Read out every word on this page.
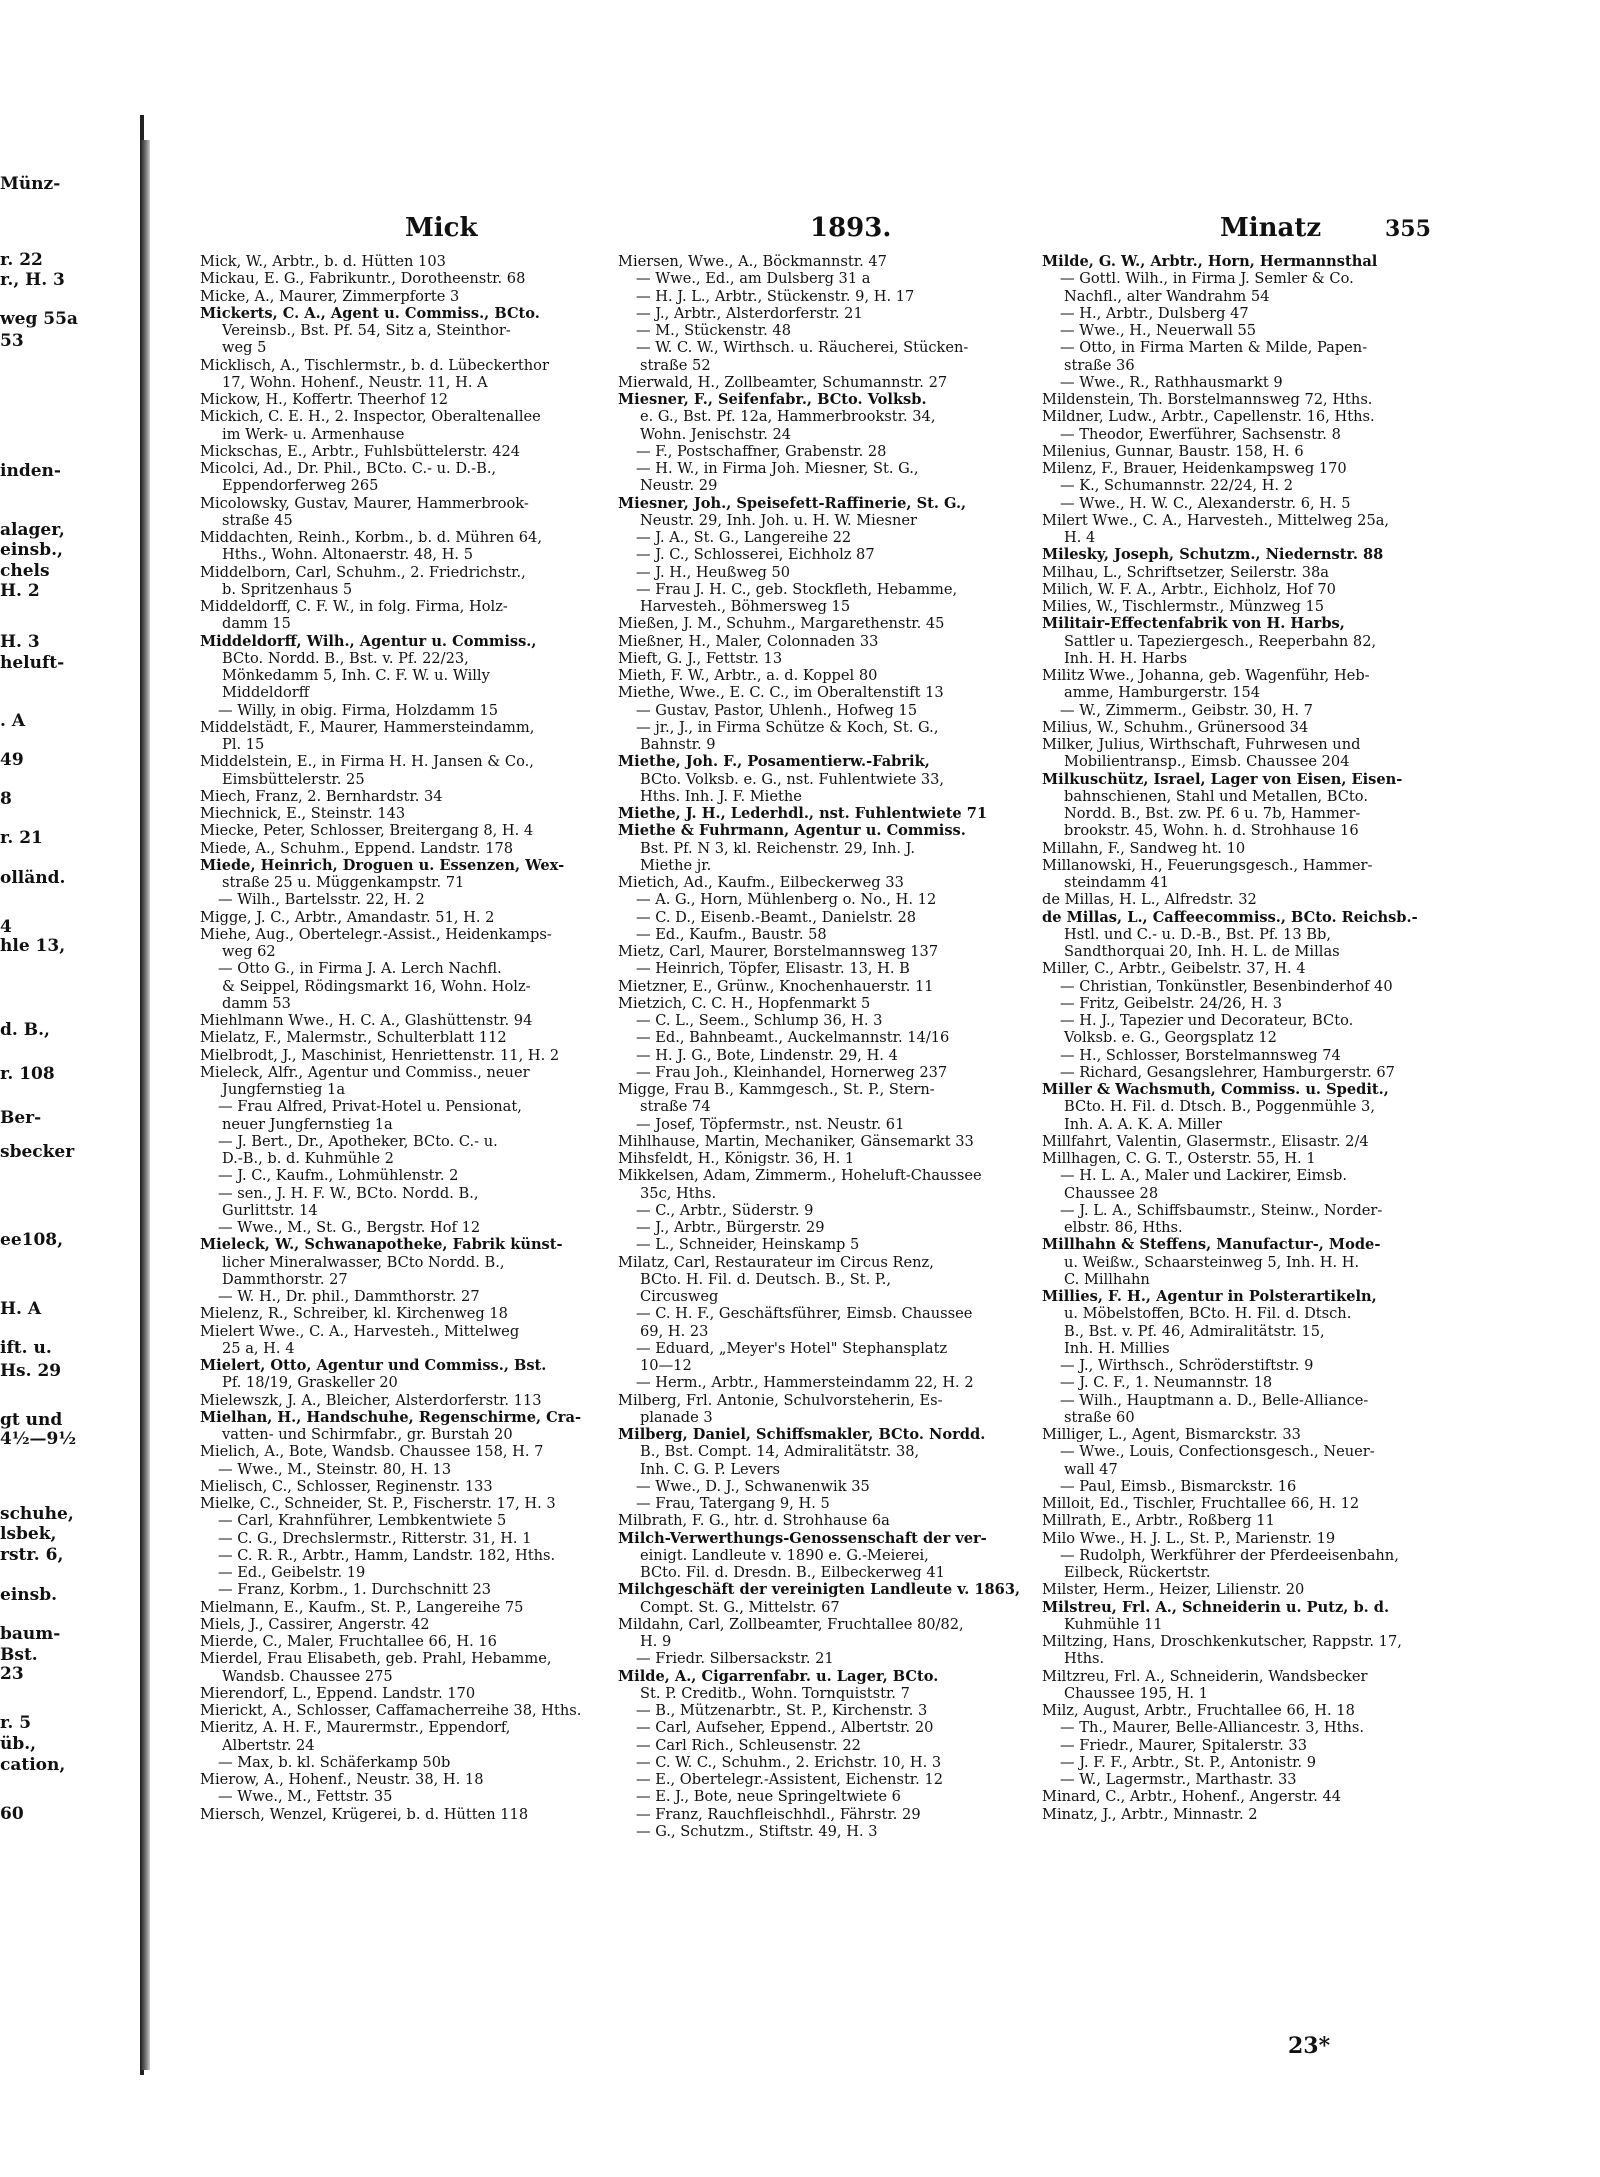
Münz-
r. 22
r., H. 3
weg 55a
53
inden-
alager,
einsb.,
chels
H. 2
H. 3
heluft-
. A
49
8
r. 21
olländ.
4
hle 13,
d. B.,
r. 108
Ber-
sbecker
ee108,
H. A
ift. u.
Hs. 29
gt und
4½—9½
schuhe,
lsbek,
rstr. 6,
einsb.
baum-
Bst.
23
r. 5
üb.,
cation,
60
Mick	1893.	Minatz	355

Mick, W., Arbtr., b. d. Hütten 103

Mickau, E. G., Fabrikuntr., Dorotheenstr. 68

Micke, A., Maurer, Zimmerpforte 3

Mickerts, C. A., Agent u. Commiss., BCto.

Vereinsb., Bst. Pf. 54, Sitz a, Steinthor-

weg 5

Micklisch, A., Tischlermstr., b. d. Lübeckerthor

17, Wohn. Hohenf., Neustr. 11, H. A

Mickow, H., Koffertr. Theerhof 12

Mickich, C. E. H., 2. Inspector, Oberaltenallee

im Werk- u. Armenhause

Mickschas, E., Arbtr., Fuhlsbüttelerstr. 424

Micolci, Ad., Dr. Phil., BCto. C.- u. D.-B.,

Eppendorferweg 265

Micolowsky, Gustav, Maurer, Hammerbrook-

straße 45

Middachten, Reinh., Korbm., b. d. Mühren 64,

Hths., Wohn. Altonaerstr. 48, H. 5

Middelborn, Carl, Schuhm., 2. Friedrichstr.,

b. Spritzenhaus 5

Middeldorff, C. F. W., in folg. Firma, Holz-

damm 15

Middeldorff, Wilh., Agentur u. Commiss.,

BCto. Nordd. B., Bst. v. Pf. 22/23,

Mönkedamm 5, Inh. C. F. W. u. Willy

Middeldorff

— Willy, in obig. Firma, Holzdamm 15

Middelstädt, F., Maurer, Hammersteindamm,

Pl. 15

Middelstein, E., in Firma H. H. Jansen & Co.,

Eimsbüttelerstr. 25

Miech, Franz, 2. Bernhardstr. 34

Miechnick, E., Steinstr. 143

Miecke, Peter, Schlosser, Breitergang 8, H. 4

Miede, A., Schuhm., Eppend. Landstr. 178

Miede, Heinrich, Droguen u. Essenzen, Wex-

straße 25 u. Müggenkampstr. 71

— Wilh., Bartelsstr. 22, H. 2

Migge, J. C., Arbtr., Amandastr. 51, H. 2

Miehe, Aug., Obertelegr.-Assist., Heidenkamps-

weg 62

— Otto G., in Firma J. A. Lerch Nachfl.

& Seippel, Rödingsmarkt 16, Wohn. Holz-

damm 53

Miehlmann Wwe., H. C. A., Glashüttenstr. 94

Mielatz, F., Malermstr., Schulterblatt 112

Mielbrodt, J., Maschinist, Henriettenstr. 11, H. 2

Mieleck, Alfr., Agentur und Commiss., neuer

Jungfernstieg 1a

— Frau Alfred, Privat-Hotel u. Pensionat,

neuer Jungfernstieg 1a

— J. Bert., Dr., Apotheker, BCto. C.- u.

D.-B., b. d. Kuhmühle 2

— J. C., Kaufm., Lohmühlenstr. 2

— sen., J. H. F. W., BCto. Nordd. B.,

Gurlittstr. 14

— Wwe., M., St. G., Bergstr. Hof 12

Mieleck, W., Schwanapotheke, Fabrik künst-

licher Mineralwasser, BCto Nordd. B.,

Dammthorstr. 27

— W. H., Dr. phil., Dammthorstr. 27

Mielenz, R., Schreiber, kl. Kirchenweg 18

Mielert Wwe., C. A., Harvesteh., Mittelweg

25 a, H. 4

Mielert, Otto, Agentur und Commiss., Bst.

Pf. 18/19, Graskeller 20

Mielewszk, J. A., Bleicher, Alsterdorferstr. 113

Mielhan, H., Handschuhe, Regenschirme, Cra-

vatten- und Schirmfabr., gr. Burstah 20

Mielich, A., Bote, Wandsb. Chaussee 158, H. 7

— Wwe., M., Steinstr. 80, H. 13

Mielisch, C., Schlosser, Reginenstr. 133

Mielke, C., Schneider, St. P., Fischerstr. 17, H. 3

— Carl, Krahnführer, Lembkentwiete 5

— C. G., Drechslermstr., Ritterstr. 31, H. 1

— C. R. R., Arbtr., Hamm, Landstr. 182, Hths.

— Ed., Geibelstr. 19

— Franz, Korbm., 1. Durchschnitt 23

Mielmann, E., Kaufm., St. P., Langereihe 75

Miels, J., Cassirer, Angerstr. 42

Mierde, C., Maler, Fruchtallee 66, H. 16

Mierdel, Frau Elisabeth, geb. Prahl, Hebamme,

Wandsb. Chaussee 275

Mierendorf, L., Eppend. Landstr. 170

Mierickt, A., Schlosser, Caffamacherreihe 38, Hths.

Mieritz, A. H. F., Maurermstr., Eppendorf,

Albertstr. 24

— Max, b. kl. Schäferkamp 50b

Mierow, A., Hohenf., Neustr. 38, H. 18

— Wwe., M., Fettstr. 35

Miersch, Wenzel, Krügerei, b. d. Hütten 118

Miersen, Wwe., A., Böckmannstr. 47

— Wwe., Ed., am Dulsberg 31 a

— H. J. L., Arbtr., Stückenstr. 9, H. 17

— J., Arbtr., Alsterdorferstr. 21

— M., Stückenstr. 48

— W. C. W., Wirthsch. u. Räucherei, Stücken-

straße 52

Mierwald, H., Zollbeamter, Schumannstr. 27

Miesner, F., Seifenfabr., BCto. Volksb.

e. G., Bst. Pf. 12a, Hammerbrookstr. 34,

Wohn. Jenischstr. 24

— F., Postschaffner, Grabenstr. 28

— H. W., in Firma Joh. Miesner, St. G.,

Neustr. 29

Miesner, Joh., Speisefett-Raffinerie, St. G.,

Neustr. 29, Inh. Joh. u. H. W. Miesner

— J. A., St. G., Langereihe 22

— J. C., Schlosserei, Eichholz 87

— J. H., Heußweg 50

— Frau J. H. C., geb. Stockfleth, Hebamme,

Harvesteh., Böhmersweg 15

Mießen, J. M., Schuhm., Margarethenstr. 45

Mießner, H., Maler, Colonnaden 33

Mieft, G. J., Fettstr. 13

Mieth, F. W., Arbtr., a. d. Koppel 80

Miethe, Wwe., E. C. C., im Oberaltenstift 13

— Gustav, Pastor, Uhlenh., Hofweg 15

— jr., J., in Firma Schütze & Koch, St. G.,

Bahnstr. 9

Miethe, Joh. F., Posamentierw.-Fabrik,

BCto. Volksb. e. G., nst. Fuhlentwiete 33,

Hths. Inh. J. F. Miethe

Miethe, J. H., Lederhdl., nst. Fuhlentwiete 71

Miethe & Fuhrmann, Agentur u. Commiss.

Bst. Pf. N 3, kl. Reichenstr. 29, Inh. J.

Miethe jr.

Mietich, Ad., Kaufm., Eilbeckerweg 33

— A. G., Horn, Mühlenberg o. No., H. 12

— C. D., Eisenb.-Beamt., Danielstr. 28

— Ed., Kaufm., Baustr. 58

Mietz, Carl, Maurer, Borstelmannsweg 137

— Heinrich, Töpfer, Elisastr. 13, H. B

Mietzner, E., Grünw., Knochenhauerstr. 11

Mietzich, C. C. H., Hopfenmarkt 5

— C. L., Seem., Schlump 36, H. 3

— Ed., Bahnbeamt., Auckelmannstr. 14/16

— H. J. G., Bote, Lindenstr. 29, H. 4

— Frau Joh., Kleinhandel, Hornerweg 237

Migge, Frau B., Kammgesch., St. P., Stern-

straße 74

— Josef, Töpfermstr., nst. Neustr. 61

Mihlhause, Martin, Mechaniker, Gänsemarkt 33

Mihsfeldt, H., Königstr. 36, H. 1

Mikkelsen, Adam, Zimmerm., Hoheluft-Chaussee

35c, Hths.

— C., Arbtr., Süderstr. 9

— J., Arbtr., Bürgerstr. 29

— L., Schneider, Heinskamp 5

Milatz, Carl, Restaurateur im Circus Renz,

BCto. H. Fil. d. Deutsch. B., St. P.,

Circusweg

— C. H. F., Geschäftsführer, Eimsb. Chaussee

69, H. 23

— Eduard, „Meyer's Hotel" Stephansplatz

10—12

— Herm., Arbtr., Hammersteindamm 22, H. 2

Milberg, Frl. Antonie, Schulvorsteherin, Es-

planade 3

Milberg, Daniel, Schiffsmakler, BCto. Nordd.

B., Bst. Compt. 14, Admiralitätstr. 38,

Inh. C. G. P. Levers

— Wwe., D. J., Schwanenwik 35

— Frau, Tatergang 9, H. 5

Milbrath, F. G., htr. d. Strohhause 6a

Milch-Verwerthungs-Genossenschaft der ver-

einigt. Landleute v. 1890 e. G.-Meierei,

BCto. Fil. d. Dresdn. B., Eilbeckerweg 41

Milchgeschäft der vereinigten Landleute v. 1863,

Compt. St. G., Mittelstr. 67

Mildahn, Carl, Zollbeamter, Fruchtallee 80/82,

H. 9

— Friedr. Silbersackstr. 21

Milde, A., Cigarrenfabr. u. Lager, BCto.

St. P. Creditb., Wohn. Tornquiststr. 7

— B., Mützenarbtr., St. P., Kirchenstr. 3

— Carl, Aufseher, Eppend., Albertstr. 20

— Carl Rich., Schleusenstr. 22

— C. W. C., Schuhm., 2. Erichstr. 10, H. 3

— E., Obertelegr.-Assistent, Eichenstr. 12

— E. J., Bote, neue Springeltwiete 6

— Franz, Rauchfleischhdl., Fährstr. 29

— G., Schutzm., Stiftstr. 49, H. 3

Milde, G. W., Arbtr., Horn, Hermannsthal

— Gottl. Wilh., in Firma J. Semler & Co.

Nachfl., alter Wandrahm 54

— H., Arbtr., Dulsberg 47

— Wwe., H., Neuerwall 55

— Otto, in Firma Marten & Milde, Papen-

straße 36

— Wwe., R., Rathhausmarkt 9

Mildenstein, Th. Borstelmannsweg 72, Hths.

Mildner, Ludw., Arbtr., Capellenstr. 16, Hths.

— Theodor, Ewerführer, Sachsenstr. 8

Milenius, Gunnar, Baustr. 158, H. 6

Milenz, F., Brauer, Heidenkampsweg 170

— K., Schumannstr. 22/24, H. 2

— Wwe., H. W. C., Alexanderstr. 6, H. 5

Milert Wwe., C. A., Harvesteh., Mittelweg 25a,

H. 4

Milesky, Joseph, Schutzm., Niedernstr. 88

Milhau, L., Schriftsetzer, Seilerstr. 38a

Milich, W. F. A., Arbtr., Eichholz, Hof 70

Milies, W., Tischlermstr., Münzweg 15

Militair-Effectenfabrik von H. Harbs,

Sattler u. Tapeziergesch., Reeperbahn 82,

Inh. H. H. Harbs

Militz Wwe., Johanna, geb. Wagenführ, Heb-

amme, Hamburgerstr. 154

— W., Zimmerm., Geibstr. 30, H. 7

Milius, W., Schuhm., Grünersood 34

Milker, Julius, Wirthschaft, Fuhrwesen und

Mobilientransp., Eimsb. Chaussee 204

Milkuschütz, Israel, Lager von Eisen, Eisen-

bahnschienen, Stahl und Metallen, BCto.

Nordd. B., Bst. zw. Pf. 6 u. 7b, Hammer-

brookstr. 45, Wohn. h. d. Strohhause 16

Millahn, F., Sandweg ht. 10

Millanowski, H., Feuerungsgesch., Hammer-

steindamm 41

de Millas, H. L., Alfredstr. 32

de Millas, L., Caffeecommiss., BCto. Reichsb.-

Hstl. und C.- u. D.-B., Bst. Pf. 13 Bb,

Sandthorquai 20, Inh. H. L. de Millas

Miller, C., Arbtr., Geibelstr. 37, H. 4

— Christian, Tonkünstler, Besenbinderhof 40

— Fritz, Geibelstr. 24/26, H. 3

— H. J., Tapezier und Decorateur, BCto.

Volksb. e. G., Georgsplatz 12

— H., Schlosser, Borstelmannsweg 74

— Richard, Gesangslehrer, Hamburgerstr. 67

Miller & Wachsmuth, Commiss. u. Spedit.,

BCto. H. Fil. d. Dtsch. B., Poggenmühle 3,

Inh. A. A. K. A. Miller

Millfahrt, Valentin, Glasermstr., Elisastr. 2/4

Millhagen, C. G. T., Osterstr. 55, H. 1

— H. L. A., Maler und Lackirer, Eimsb.

Chaussee 28

— J. L. A., Schiffsbaumstr., Steinw., Norder-

elbstr. 86, Hths.

Millhahn & Steffens, Manufactur-, Mode-

u. Weißw., Schaarsteinweg 5, Inh. H. H.

C. Millhahn

Millies, F. H., Agentur in Polsterartikeln,

u. Möbelstoffen, BCto. H. Fil. d. Dtsch.

B., Bst. v. Pf. 46, Admiralitätstr. 15,

Inh. H. Millies

— J., Wirthsch., Schröderstiftstr. 9

— J. C. F., 1. Neumannstr. 18

— Wilh., Hauptmann a. D., Belle-Alliance-

straße 60

Milliger, L., Agent, Bismarckstr. 33

— Wwe., Louis, Confectionsgesch., Neuer-

wall 47

— Paul, Eimsb., Bismarckstr. 16

Milloit, Ed., Tischler, Fruchtallee 66, H. 12

Millrath, E., Arbtr., Roßberg 11

Milo Wwe., H. J. L., St. P., Marienstr. 19

— Rudolph, Werkführer der Pferdeeisenbahn,

Eilbeck, Rückertstr.

Milster, Herm., Heizer, Lilienstr. 20

Milstreu, Frl. A., Schneiderin u. Putz, b. d.

Kuhmühle 11

Miltzing, Hans, Droschkenkutscher, Rappstr. 17,

Hths.

Miltzreu, Frl. A., Schneiderin, Wandsbecker

Chaussee 195, H. 1

Milz, August, Arbtr., Fruchtallee 66, H. 18

— Th., Maurer, Belle-Alliancestr. 3, Hths.

— Friedr., Maurer, Spitalerstr. 33

— J. F. F., Arbtr., St. P., Antonistr. 9

— W., Lagermstr., Marthastr. 33

Minard, C., Arbtr., Hohenf., Angerstr. 44

Minatz, J., Arbtr., Minnastr. 2

23*
